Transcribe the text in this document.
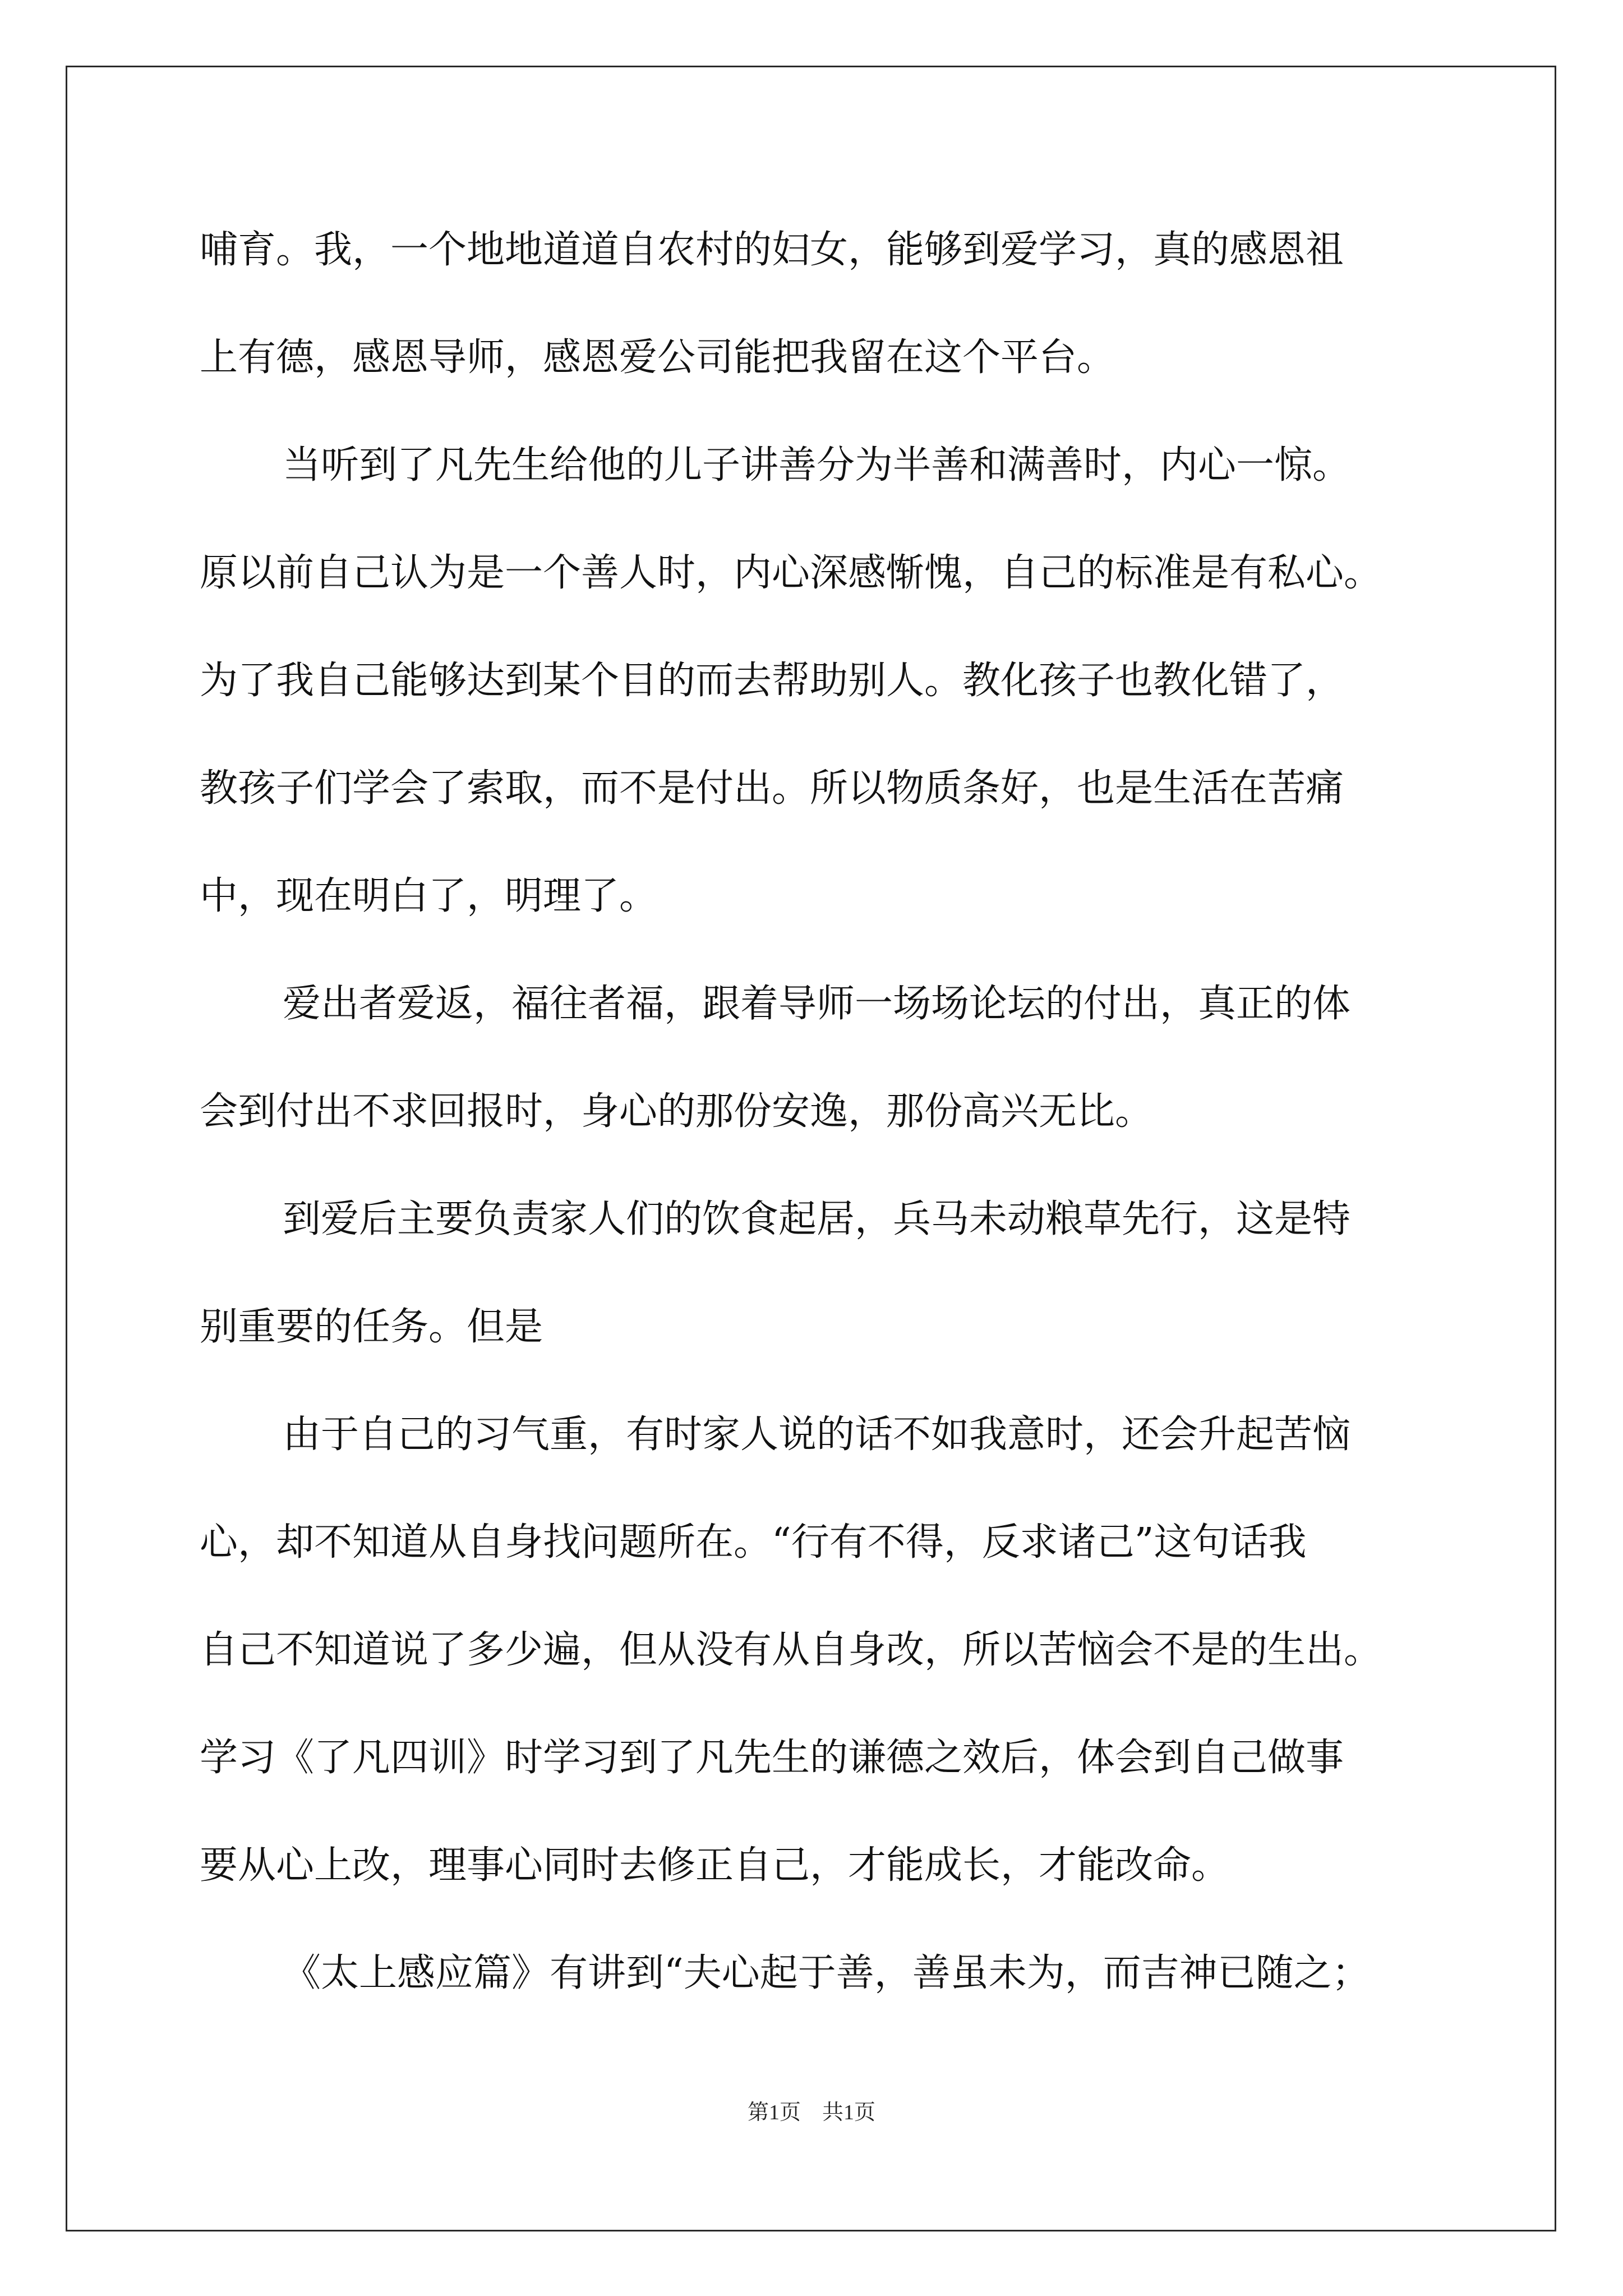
哺育。我，一个地地道道自农村的妇女，能够到爱学习，真的感恩祖
上有德，感恩导师，感恩爱公司能把我留在这个平台。
当听到了凡先生给他的儿子讲善分为半善和满善时，内心一惊。
原以前自己认为是一个善人时，内心深感惭愧，自己的标准是有私心。
为了我自己能够达到某个目的而去帮助别人。教化孩子也教化错了，
教孩子们学会了索取，而不是付出。所以物质条好，也是生活在苦痛
中，现在明白了，明理了。
爱出者爱返，福往者福，跟着导师一场场论坛的付出，真正的体
会到付出不求回报时，身心的那份安逸，那份高兴无比。
到爱后主要负责家人们的饮食起居，兵马未动粮草先行，这是特
别重要的任务。但是
由于自己的习气重，有时家人说的话不如我意时，还会升起苦恼
心，却不知道从自身找问题所在。“行有不得，反求诸己”这句话我
自己不知道说了多少遍，但从没有从自身改，所以苦恼会不是的生出。
学习《了凡四训》时学习到了凡先生的谦德之效后，体会到自己做事
要从心上改，理事心同时去修正自己，才能成长，才能改命。
《太上感应篇》有讲到“夫心起于善，善虽未为，而吉神已随之；
第1页　共1页
